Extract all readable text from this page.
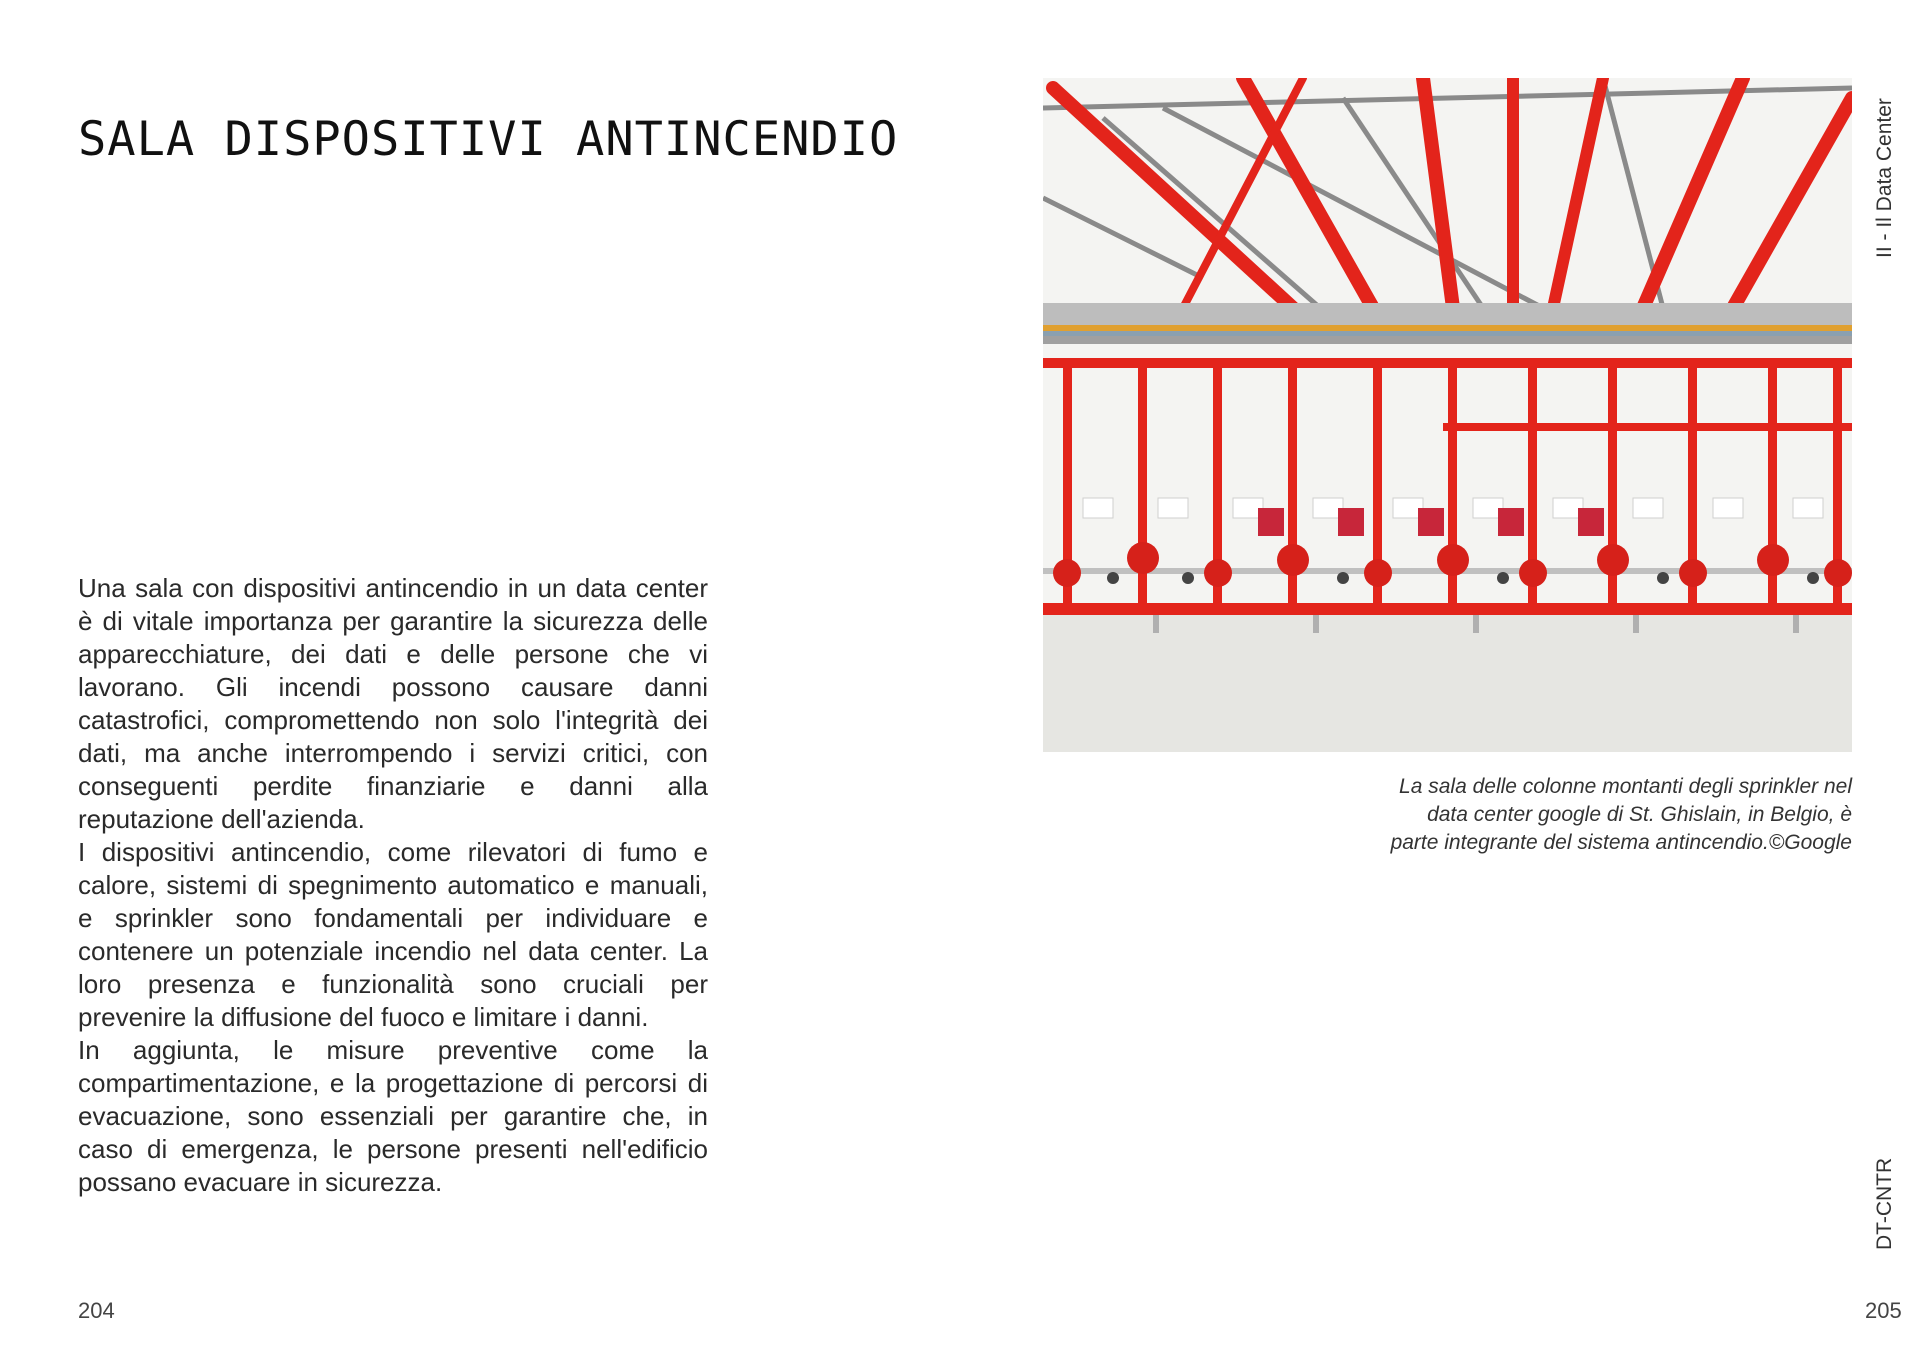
SALA DISPOSITIVI ANTINCENDIO

Una sala con dispositivi antincendio in un data center è di vitale importanza per garantire la sicurezza delle apparecchiature, dei dati e delle persone che vi lavorano. Gli incendi possono causare danni catastrofici, compromettendo non solo l'integrità dei dati, ma anche interrompendo i servizi critici, con conseguenti perdite finanziarie e danni alla reputazione dell'azienda.

I dispositivi antincendio, come rilevatori di fumo e calore, sistemi di spegnimento automatico e manuali, e sprinkler sono fondamentali per individuare e contenere un potenziale incendio nel data center. La loro presenza e funzionalità sono cruciali per prevenire la diffusione del fuoco e limitare i danni.

In aggiunta, le misure preventive come la compartimentazione, e la progettazione di percorsi di evacuazione, sono essenziali per garantire che, in caso di emergenza, le persone presenti nell'edificio possano evacuare in sicurezza.

La sala delle colonne montanti degli sprinkler nel

data center google di St. Ghislain, in Belgio, è

parte integrante del sistema antincendio.©Google

II - Il Data Center
DT-CNTR
204	205
